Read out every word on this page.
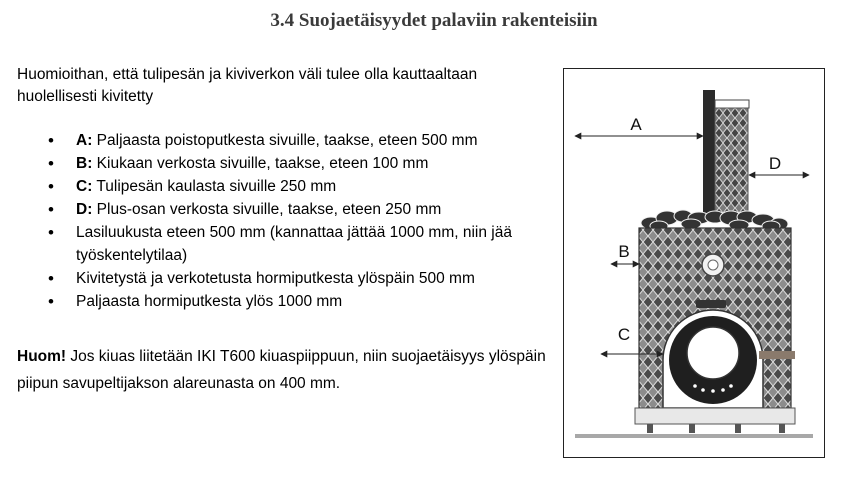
3.4 Suojaetäisyydet palaviin rakenteisiin
Huomioithan, että tulipesän ja kiviverkon väli tulee olla kauttaaltaan huolellisesti kivitetty
• A: Paljaasta poistoputkesta sivuille, taakse, eteen 500 mm
• B: Kiukaan verkosta sivuille, taakse, eteen 100 mm
• C: Tulipesän kaulasta sivuille 250 mm
• D: Plus-osan verkosta sivuille, taakse, eteen 250 mm
• Lasiluukusta eteen 500 mm (kannattaa jättää 1000 mm, niin jää työskentelytilaa)
• Kivitetystä ja verkotetusta hormiputkesta ylöspäin 500 mm
• Paljaasta hormiputkesta ylös 1000 mm
Huom! Jos kiuas liitetään IKI T600 kiuaspiippuun, niin suojaetäisyys ylöspäin piipun savupeltijakson alareunasta on 400 mm.
A
D
B
C
